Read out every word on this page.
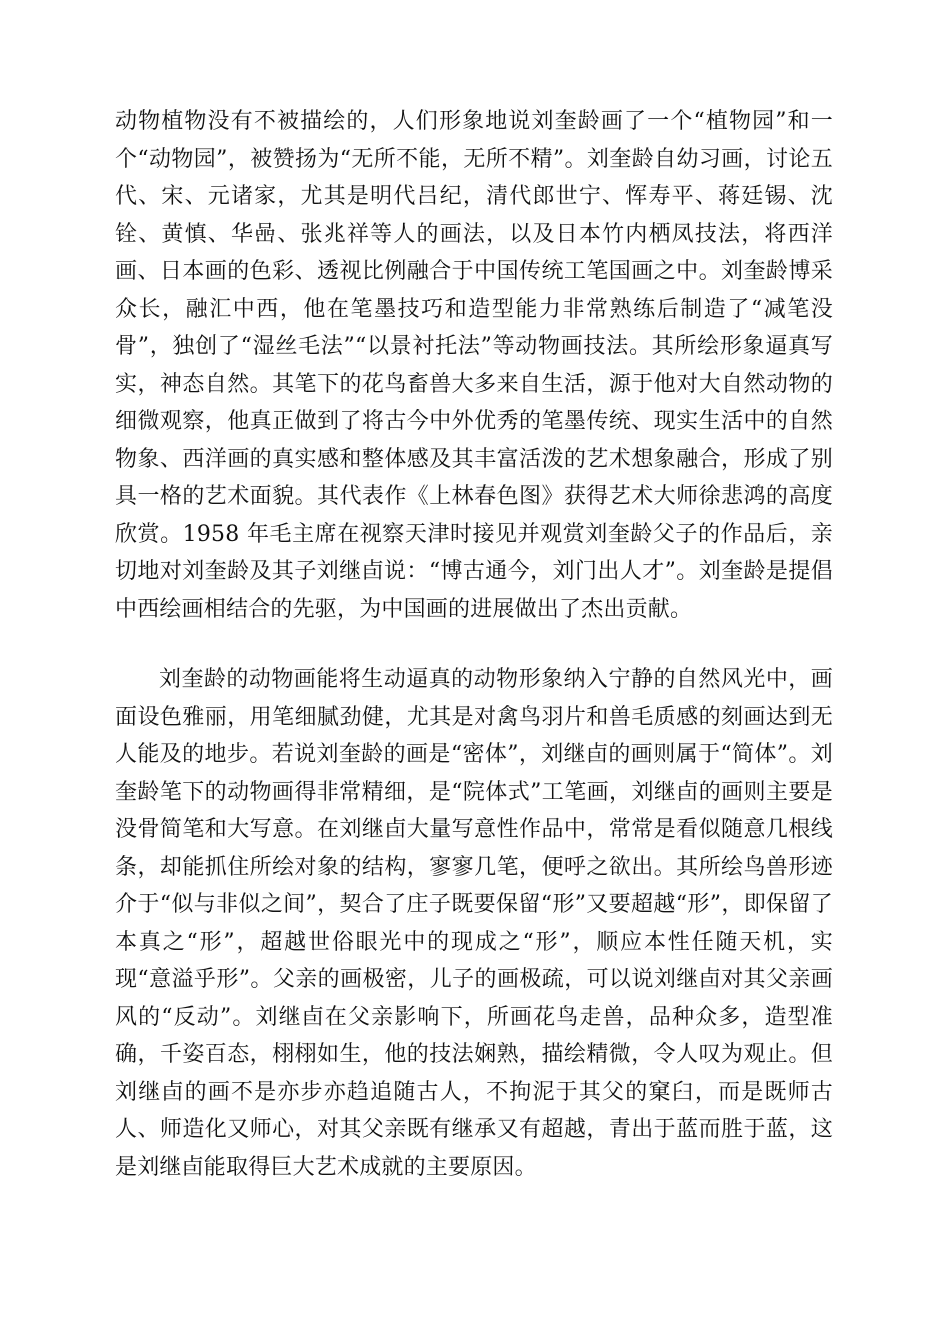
动物植物没有不被描绘的，人们形象地说刘奎龄画了一个“植物园”和一个“动物园”，被赞扬为“无所不能，无所不精”。刘奎龄自幼习画，讨论五代、宋、元诸家，尤其是明代吕纪，清代郎世宁、恽寿平、蒋廷锡、沈铨、黄慎、华喦、张兆祥等人的画法，以及日本竹内栖凤技法，将西洋画、日本画的色彩、透视比例融合于中国传统工笔国画之中。刘奎龄博采众长，融汇中西，他在笔墨技巧和造型能力非常熟练后制造了“减笔没骨”，独创了“湿丝毛法”“以景衬托法”等动物画技法。其所绘形象逼真写实，神态自然。其笔下的花鸟畜兽大多来自生活，源于他对大自然动物的细微观察，他真正做到了将古今中外优秀的笔墨传统、现实生活中的自然物象、西洋画的真实感和整体感及其丰富活泼的艺术想象融合，形成了别具一格的艺术面貌。其代表作《上林春色图》获得艺术大师徐悲鸿的高度欣赏。1958 年毛主席在视察天津时接见并观赏刘奎龄父子的作品后，亲切地对刘奎龄及其子刘继卣说：“博古通今，刘门出人才”。刘奎龄是提倡中西绘画相结合的先驱，为中国画的进展做出了杰出贡献。

刘奎龄的动物画能将生动逼真的动物形象纳入宁静的自然风光中，画面设色雅丽，用笔细腻劲健，尤其是对禽鸟羽片和兽毛质感的刻画达到无人能及的地步。若说刘奎龄的画是“密体”，刘继卣的画则属于“简体”。刘奎龄笔下的动物画得非常精细，是“院体式”工笔画，刘继卣的画则主要是没骨简笔和大写意。在刘继卣大量写意性作品中，常常是看似随意几根线条，却能抓住所绘对象的结构，寥寥几笔，便呼之欲出。其所绘鸟兽形迹介于“似与非似之间”，契合了庄子既要保留“形”又要超越“形”，即保留了本真之“形”，超越世俗眼光中的现成之“形”，顺应本性任随天机，实现“意溢乎形”。父亲的画极密，儿子的画极疏，可以说刘继卣对其父亲画风的“反动”。刘继卣在父亲影响下，所画花鸟走兽，品种众多，造型准确，千姿百态，栩栩如生，他的技法娴熟，描绘精微，令人叹为观止。但刘继卣的画不是亦步亦趋追随古人，不拘泥于其父的窠臼，而是既师古人、师造化又师心，对其父亲既有继承又有超越，青出于蓝而胜于蓝，这是刘继卣能取得巨大艺术成就的主要原因。
